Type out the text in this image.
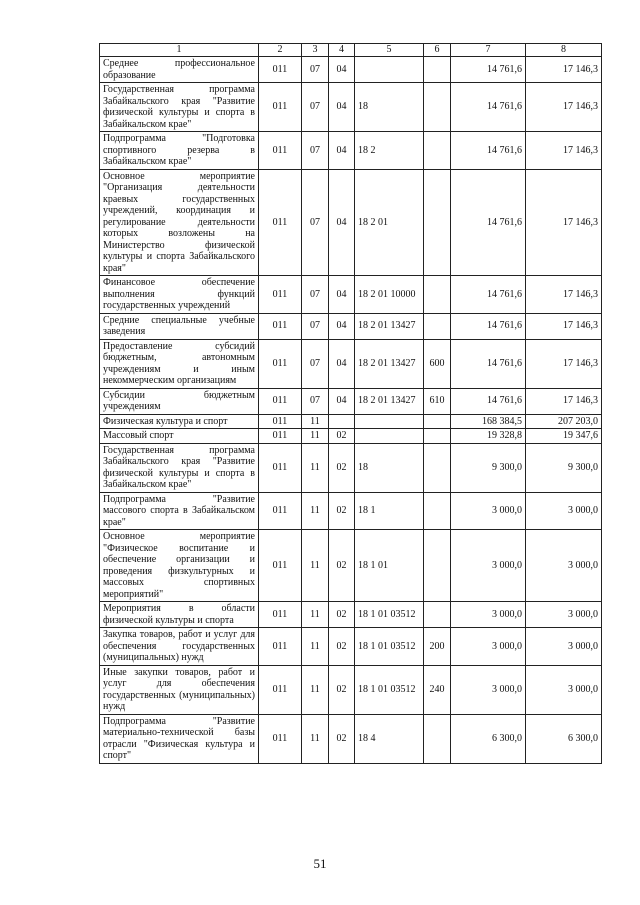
1	2	3	4	5	6	7	8
Среднее профессиональное образование	011	07	04			14 761,6	17 146,3
Государственная программа Забайкальского края "Развитие физической культуры и спорта в Забайкальском крае"	011	07	04	18		14 761,6	17 146,3
Подпрограмма "Подготовка спортивного резерва в Забайкальском крае"	011	07	04	18 2		14 761,6	17 146,3
Основное мероприятие "Организация деятельности краевых государственных учреждений, координация и регулирование деятельности которых возложены на Министерство физической культуры и спорта Забайкальского края"	011	07	04	18 2 01		14 761,6	17 146,3
Финансовое обеспечение выполнения функций государственных учреждений	011	07	04	18 2 01 10000		14 761,6	17 146,3
Средние специальные учебные заведения	011	07	04	18 2 01 13427		14 761,6	17 146,3
Предоставление субсидий бюджетным, автономным учреждениям и иным некоммерческим организациям	011	07	04	18 2 01 13427	600	14 761,6	17 146,3
Субсидии бюджетным учреждениям	011	07	04	18 2 01 13427	610	14 761,6	17 146,3
Физическая культура и спорт	011	11				168 384,5	207 203,0
Массовый спорт	011	11	02			19 328,8	19 347,6
Государственная программа Забайкальского края "Развитие физической культуры и спорта в Забайкальском крае"	011	11	02	18		9 300,0	9 300,0
Подпрограмма "Развитие массового спорта в Забайкальском крае"	011	11	02	18 1		3 000,0	3 000,0
Основное мероприятие "Физическое воспитание и обеспечение организации и проведения физкультурных и массовых спортивных мероприятий"	011	11	02	18 1 01		3 000,0	3 000,0
Мероприятия в области физической культуры и спорта	011	11	02	18 1 01 03512		3 000,0	3 000,0
Закупка товаров, работ и услуг для обеспечения государственных (муниципальных) нужд	011	11	02	18 1 01 03512	200	3 000,0	3 000,0
Иные закупки товаров, работ и услуг для обеспечения государственных (муниципальных) нужд	011	11	02	18 1 01 03512	240	3 000,0	3 000,0
Подпрограмма "Развитие материально-технической базы отрасли "Физическая культура и спорт"	011	11	02	18 4		6 300,0	6 300,0
51
